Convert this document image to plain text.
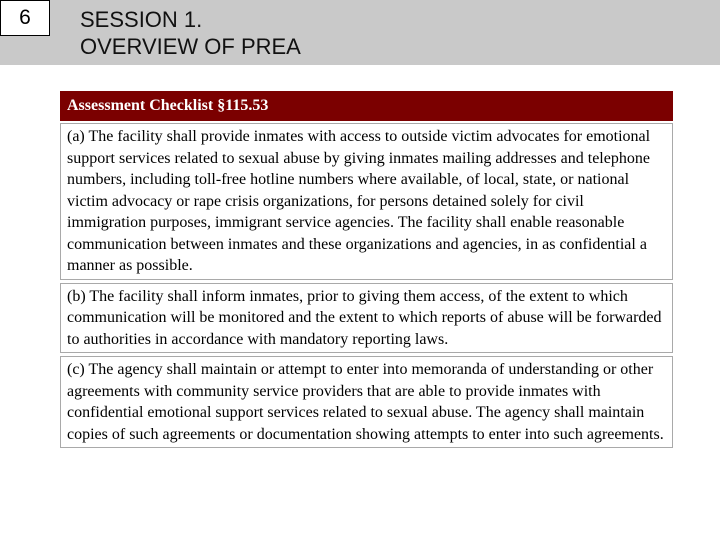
6	SESSION 1.
OVERVIEW OF PREA
Assessment Checklist §115.53
(a) The facility shall provide inmates with access to outside victim advocates for emotional support services related to sexual abuse by giving inmates mailing addresses and telephone numbers, including toll-free hotline numbers where available, of local, state, or national victim advocacy or rape crisis organizations, for persons detained solely for civil immigration purposes, immigrant service agencies. The facility shall enable reasonable communication between inmates and these organizations and agencies, in as confidential a manner as possible.
(b) The facility shall inform inmates, prior to giving them access, of the extent to which communication will be monitored and the extent to which reports of abuse will be forwarded to authorities in accordance with mandatory reporting laws.
(c) The agency shall maintain or attempt to enter into memoranda of understanding or other agreements with community service providers that are able to provide inmates with confidential emotional support services related to sexual abuse. The agency shall maintain copies of such agreements or documentation showing attempts to enter into such agreements.
